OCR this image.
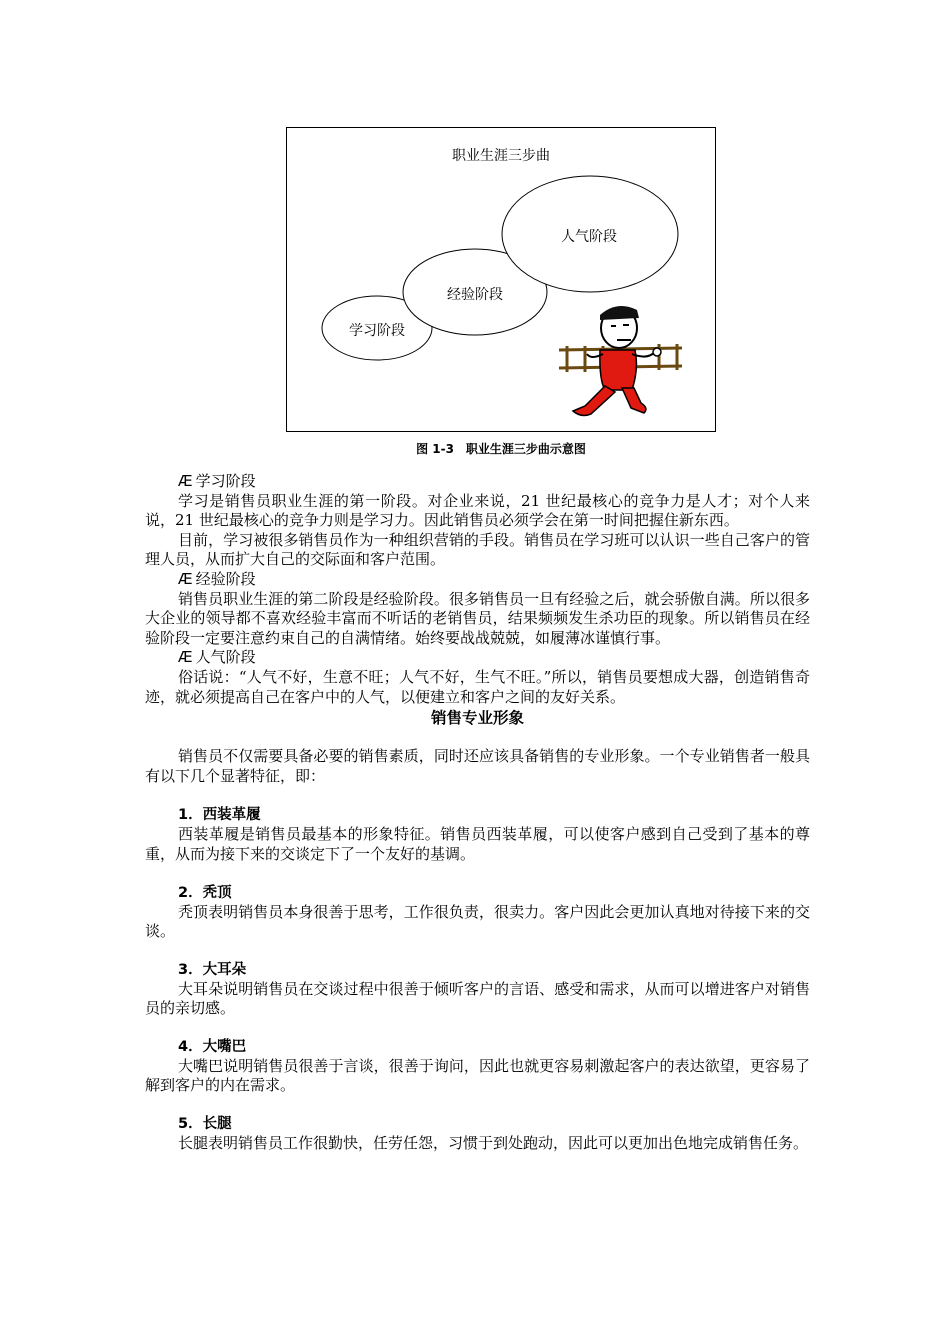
职业生涯三步曲
学习阶段
经验阶段
人气阶段
图 1-3　职业生涯三步曲示意图

Æ 学习阶段

学习是销售员职业生涯的第一阶段。对企业来说，21 世纪最核心的竞争力是人才；对个人来说，21 世纪最核心的竞争力则是学习力。因此销售员必须学会在第一时间把握住新东西。

目前，学习被很多销售员作为一种组织营销的手段。销售员在学习班可以认识一些自己客户的管理人员，从而扩大自己的交际面和客户范围。

Æ 经验阶段

销售员职业生涯的第二阶段是经验阶段。很多销售员一旦有经验之后，就会骄傲自满。所以很多大企业的领导都不喜欢经验丰富而不听话的老销售员，结果频频发生杀功臣的现象。所以销售员在经验阶段一定要注意约束自己的自满情绪。始终要战战兢兢，如履薄冰谨慎行事。

Æ 人气阶段

俗话说：“人气不好，生意不旺；人气不好，生气不旺。”所以，销售员要想成大器，创造销售奇迹，就必须提高自己在客户中的人气，以便建立和客户之间的友好关系。

销售专业形象

销售员不仅需要具备必要的销售素质，同时还应该具备销售的专业形象。一个专业销售者一般具有以下几个显著特征，即：

1．西装革履

西装革履是销售员最基本的形象特征。销售员西装革履，可以使客户感到自己受到了基本的尊重，从而为接下来的交谈定下了一个友好的基调。

2．秃顶

秃顶表明销售员本身很善于思考，工作很负责，很卖力。客户因此会更加认真地对待接下来的交谈。

3．大耳朵

大耳朵说明销售员在交谈过程中很善于倾听客户的言语、感受和需求，从而可以增进客户对销售员的亲切感。

4．大嘴巴

大嘴巴说明销售员很善于言谈，很善于询问，因此也就更容易刺激起客户的表达欲望，更容易了解到客户的内在需求。

5．长腿

长腿表明销售员工作很勤快，任劳任怨，习惯于到处跑动，因此可以更加出色地完成销售任务。
